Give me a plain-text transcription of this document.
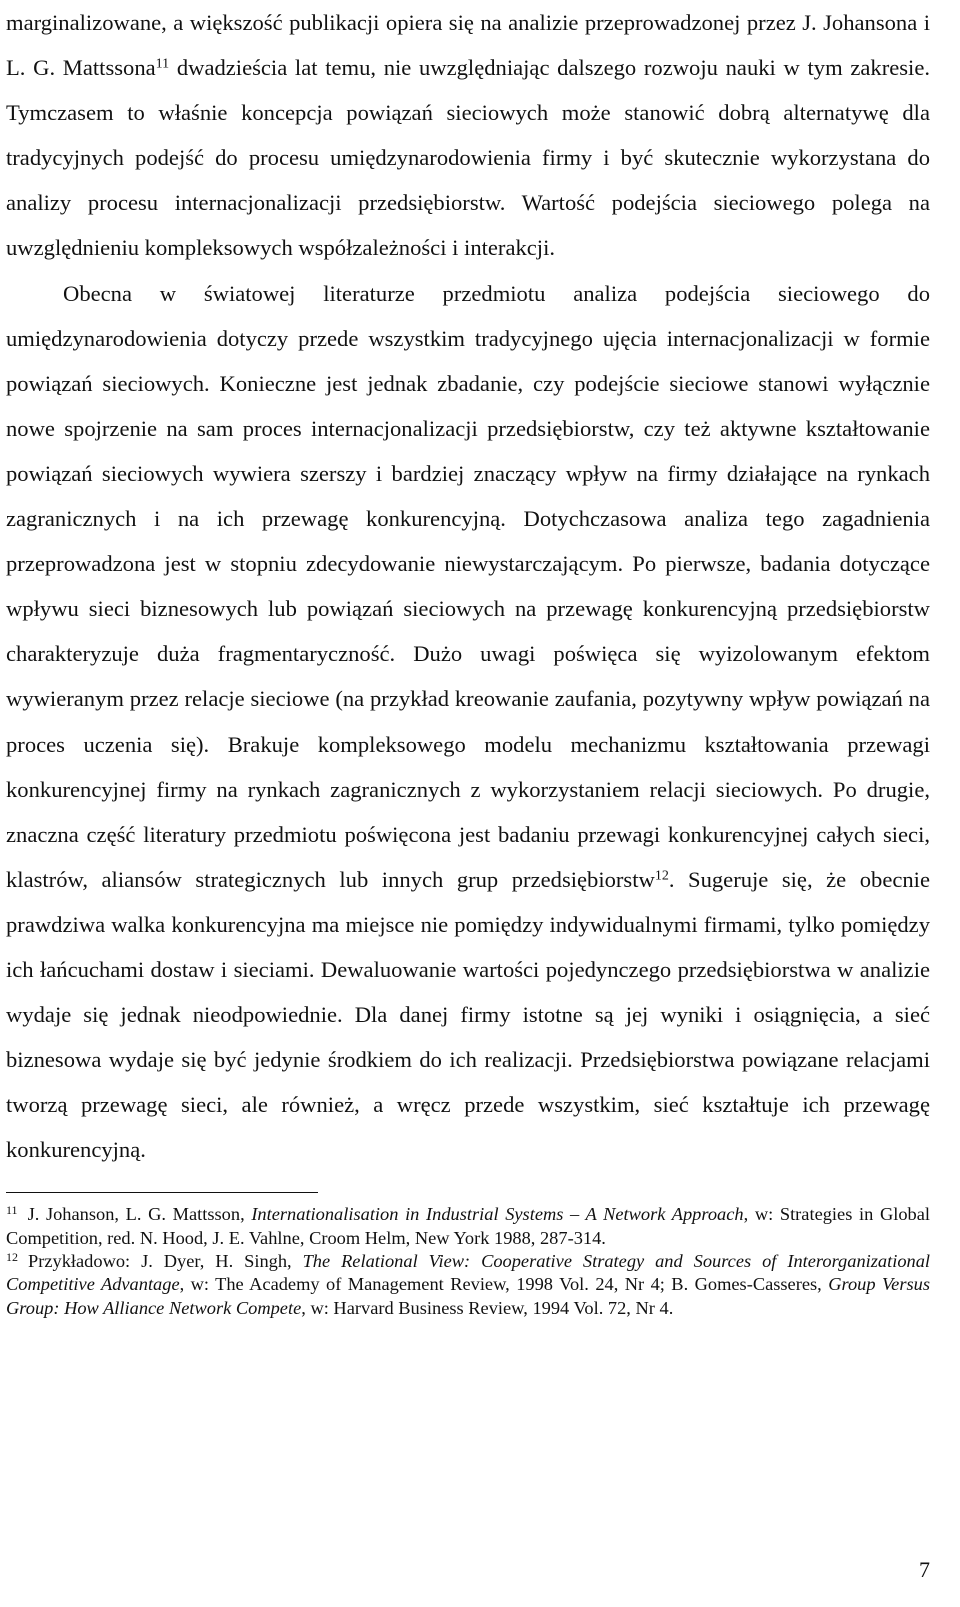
marginalizowane, a większość publikacji opiera się na analizie przeprowadzonej przez J. Johansona i L. G. Mattssona$^{11}$ dwadzieścia lat temu, nie uwzględniając dalszego rozwoju nauki w tym zakresie. Tymczasem to właśnie koncepcja powiązań sieciowych może stanowić dobrą alternatywę dla tradycyjnych podejść do procesu umiędzynarodowienia firmy i być skutecznie wykorzystana do analizy procesu internacjonalizacji przedsiębiorstw. Wartość podejścia sieciowego polega na uwzględnieniu kompleksowych współzależności i interakcji.

Obecna w światowej literaturze przedmiotu analiza podejścia sieciowego do umiędzynarodowienia dotyczy przede wszystkim tradycyjnego ujęcia internacjonalizacji w formie powiązań sieciowych. Konieczne jest jednak zbadanie, czy podejście sieciowe stanowi wyłącznie nowe spojrzenie na sam proces internacjonalizacji przedsiębiorstw, czy też aktywne kształtowanie powiązań sieciowych wywiera szerszy i bardziej znaczący wpływ na firmy działające na rynkach zagranicznych i na ich przewagę konkurencyjną. Dotychczasowa analiza tego zagadnienia przeprowadzona jest w stopniu zdecydowanie niewystarczającym. Po pierwsze, badania dotyczące wpływu sieci biznesowych lub powiązań sieciowych na przewagę konkurencyjną przedsiębiorstw charakteryzuje duża fragmentaryczność. Dużo uwagi poświęca się wyizolowanym efektom wywieranym przez relacje sieciowe (na przykład kreowanie zaufania, pozytywny wpływ powiązań na proces uczenia się). Brakuje kompleksowego modelu mechanizmu kształtowania przewagi konkurencyjnej firmy na rynkach zagranicznych z wykorzystaniem relacji sieciowych. Po drugie, znaczna część literatury przedmiotu poświęcona jest badaniu przewagi konkurencyjnej całych sieci, klastrów, aliansów strategicznych lub innych grup przedsiębiorstw$^{12}$. Sugeruje się, że obecnie prawdziwa walka konkurencyjna ma miejsce nie pomiędzy indywidualnymi firmami, tylko pomiędzy ich łańcuchami dostaw i sieciami. Dewaluowanie wartości pojedynczego przedsiębiorstwa w analizie wydaje się jednak nieodpowiednie. Dla danej firmy istotne są jej wyniki i osiągnięcia, a sieć biznesowa wydaje się być jedynie środkiem do ich realizacji. Przedsiębiorstwa powiązane relacjami tworzą przewagę sieci, ale również, a wręcz przede wszystkim, sieć kształtuje ich przewagę konkurencyjną.

$^{11}$ J. Johanson, L. G. Mattsson, Internationalisation in Industrial Systems – A Network Approach, w: Strategies in Global Competition, red. N. Hood, J. E. Vahlne, Croom Helm, New York 1988, 287-314.

$^{12}$ Przykładowo: J. Dyer, H. Singh, The Relational View: Cooperative Strategy and Sources of Interorganizational Competitive Advantage, w: The Academy of Management Review, 1998 Vol. 24, Nr 4; B. Gomes-Casseres, Group Versus Group: How Alliance Network Compete, w: Harvard Business Review, 1994 Vol. 72, Nr 4.

7
